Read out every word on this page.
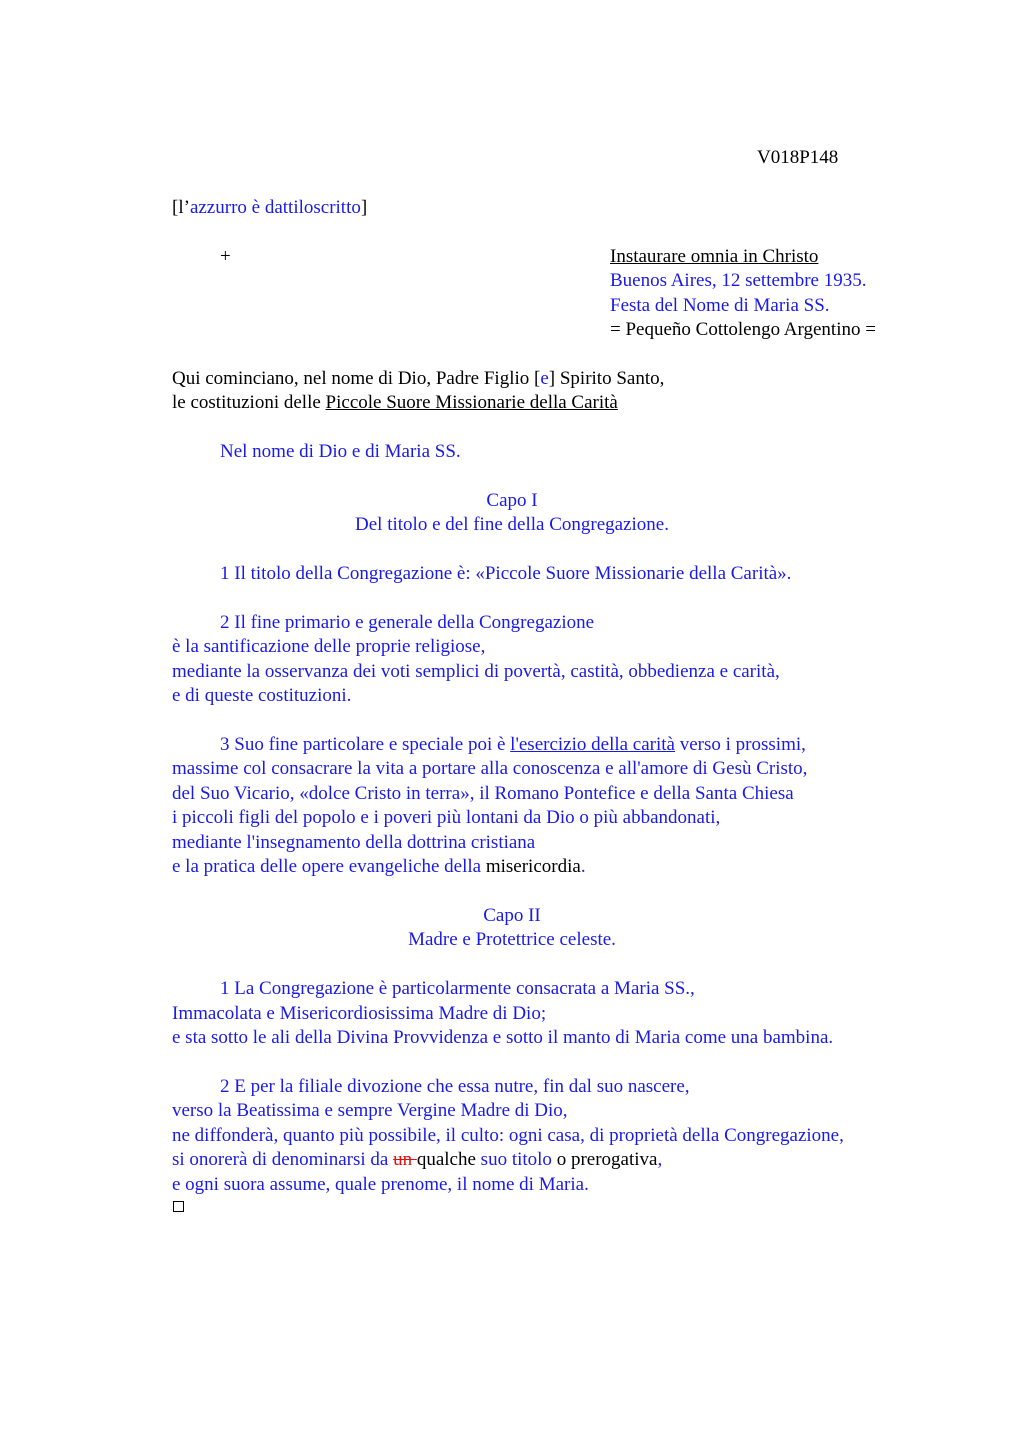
V018P148

[l’azzurro è dattiloscritto]

+	Instaurare omnia in Christo

Buenos Aires, 12 settembre 1935.

Festa del Nome di Maria SS.

= Pequeño Cottolengo Argentino =

Qui cominciano, nel nome di Dio, Padre Figlio [e] Spirito Santo,

le costituzioni delle Piccole Suore Missionarie della Carità

Nel nome di Dio e di Maria SS.

Capo I

Del titolo e del fine della Congregazione.

1 Il titolo della Congregazione è: «Piccole Suore Missionarie della Carità».

2 Il fine primario e generale della Congregazione

è la santificazione delle proprie religiose,

mediante la osservanza dei voti semplici di povertà, castità, obbedienza e carità,

e di queste costituzioni.

3 Suo fine particolare e speciale poi è l'esercizio della carità verso i prossimi,

massime col consacrare la vita a portare alla conoscenza e all'amore di Gesù Cristo,

del Suo Vicario, «dolce Cristo in terra», il Romano Pontefice e della Santa Chiesa

i piccoli figli del popolo e i poveri più lontani da Dio o più abbandonati,

mediante l'insegnamento della dottrina cristiana

e la pratica delle opere evangeliche della misericordia.

Capo II

Madre e Protettrice celeste.

1 La Congregazione è particolarmente consacrata a Maria SS.,

Immacolata e Misericordiosissima Madre di Dio;

e sta sotto le ali della Divina Provvidenza e sotto il manto di Maria come una bambina.

2 E per la filiale divozione che essa nutre, fin dal suo nascere,

verso la Beatissima e sempre Vergine Madre di Dio,

ne diffonderà, quanto più possibile, il culto: ogni casa, di proprietà della Congregazione,

si onorerà di denominarsi da un qualche suo titolo o prerogativa,

e ogni suora assume, quale prenome, il nome di Maria.
